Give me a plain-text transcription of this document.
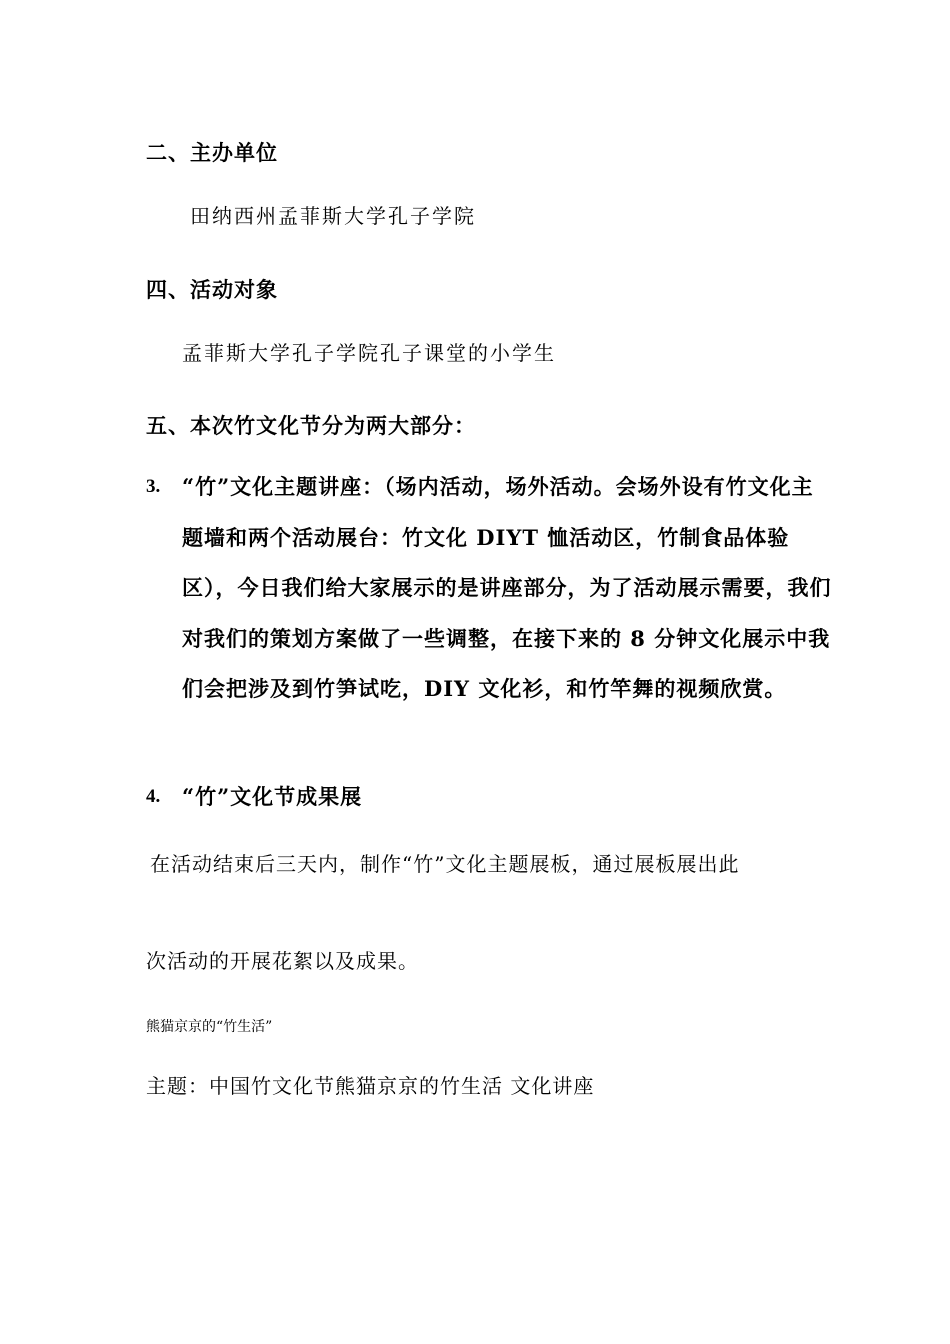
二、主办单位
田纳西州孟菲斯大学孔子学院
四、活动对象
孟菲斯大学孔子学院孔子课堂的小学生
五、本次竹文化节分为两大部分：
3. “竹”文化主题讲座：（场内活动，场外活动。会场外设有竹文化主题墙和两个活动展台：竹文化 DIYT 恤活动区，竹制食品体验区），今日我们给大家展示的是讲座部分，为了活动展示需要，我们对我们的策划方案做了一些调整，在接下来的 8 分钟文化展示中我们会把涉及到竹笋试吃，DIY 文化衫，和竹竿舞的视频欣赏。
4. “竹”文化节成果展
在活动结束后三天内，制作“竹”文化主题展板，通过展板展出此
次活动的开展花絮以及成果。
熊猫京京的“竹生活”
主题：中国竹文化节熊猫京京的竹生活 文化讲座
